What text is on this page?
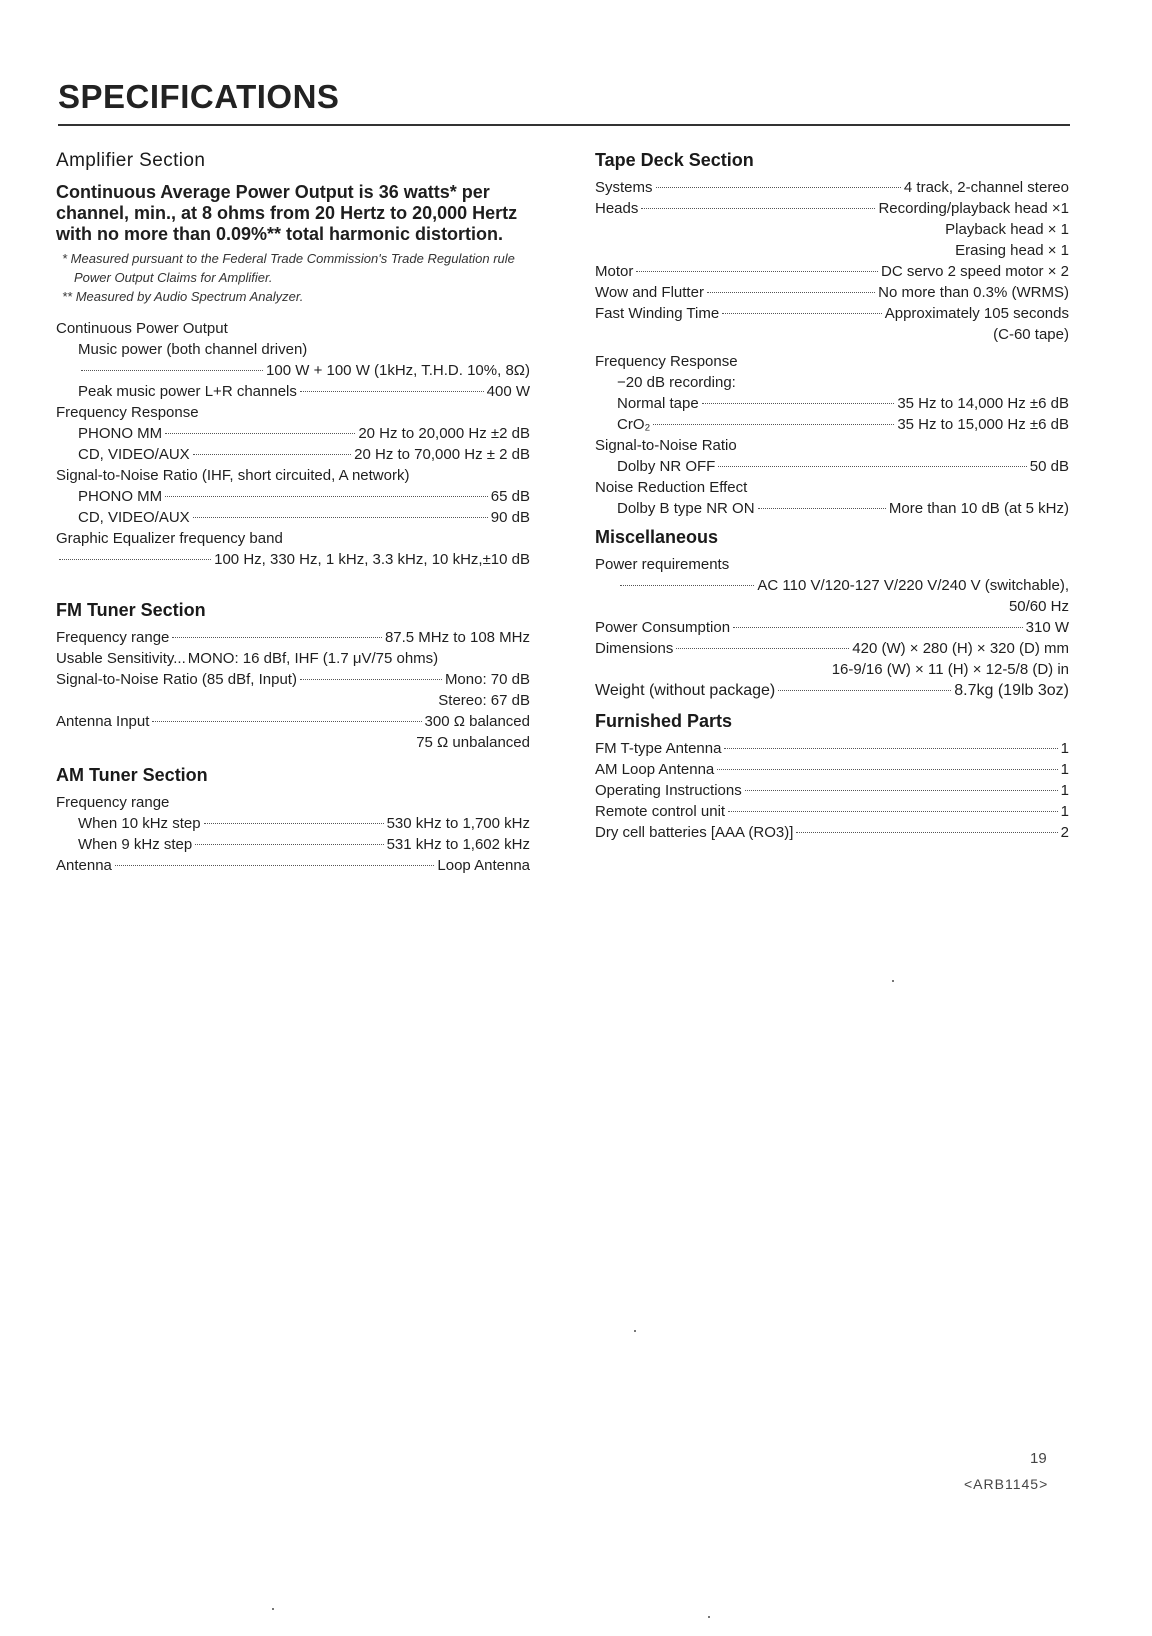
SPECIFICATIONS
Amplifier Section
Continuous Average Power Output is 36 watts* per channel, min., at 8 ohms from 20 Hertz to 20,000 Hertz with no more than 0.09%** total harmonic distortion.
* Measured pursuant to the Federal Trade Commission's Trade Regulation rule Power Output Claims for Amplifier.
** Measured by Audio Spectrum Analyzer.
Continuous Power Output
Music power (both channel driven)
100 W + 100 W (1kHz, T.H.D. 10%, 8Ω)
Peak music power L+R channels	400 W
Frequency Response
PHONO MM	20 Hz to 20,000 Hz ±2 dB
CD, VIDEO/AUX	20 Hz to 70,000 Hz ± 2 dB
Signal-to-Noise Ratio (IHF, short circuited, A network)
PHONO MM	65 dB
CD, VIDEO/AUX	90 dB
Graphic Equalizer frequency band
100 Hz, 330 Hz, 1 kHz, 3.3 kHz, 10 kHz,±10 dB
FM Tuner Section
Frequency range	87.5 MHz to 108 MHz
Usable Sensitivity... MONO: 16 dBf, IHF (1.7 μV/75 ohms)
Signal-to-Noise Ratio (85 dBf, Input)	Mono: 70 dB
Stereo: 67 dB
Antenna Input	300 Ω balanced
75 Ω unbalanced
AM Tuner Section
Frequency range
When 10 kHz step	530 kHz to 1,700 kHz
When 9 kHz step	531 kHz to 1,602 kHz
Antenna	Loop Antenna
Tape Deck Section
Systems	4 track, 2-channel stereo
Heads	Recording/playback head ×1
Playback head × 1
Erasing head × 1
Motor	DC servo 2 speed motor × 2
Wow and Flutter	No more than 0.3% (WRMS)
Fast Winding Time	Approximately 105 seconds
(C-60 tape)
Frequency Response
−20 dB recording:
Normal tape	35 Hz to 14,000 Hz ±6 dB
CrO₂	35 Hz to 15,000 Hz ±6 dB
Signal-to-Noise Ratio
Dolby NR OFF	50 dB
Noise Reduction Effect
Dolby B type NR ON	More than 10 dB (at 5 kHz)
Miscellaneous
Power requirements
AC 110 V/120-127 V/220 V/240 V (switchable),
50/60 Hz
Power Consumption	310 W
Dimensions	420 (W) × 280 (H) × 320 (D) mm
16-9/16 (W) × 11 (H) × 12-5/8 (D) in
Weight (without package)	8.7kg (19lb 3oz)
Furnished Parts
FM T-type Antenna	1
AM Loop Antenna	1
Operating Instructions	1
Remote control unit	1
Dry cell batteries [AAA (RO3)]	2
19
<ARB1145>
